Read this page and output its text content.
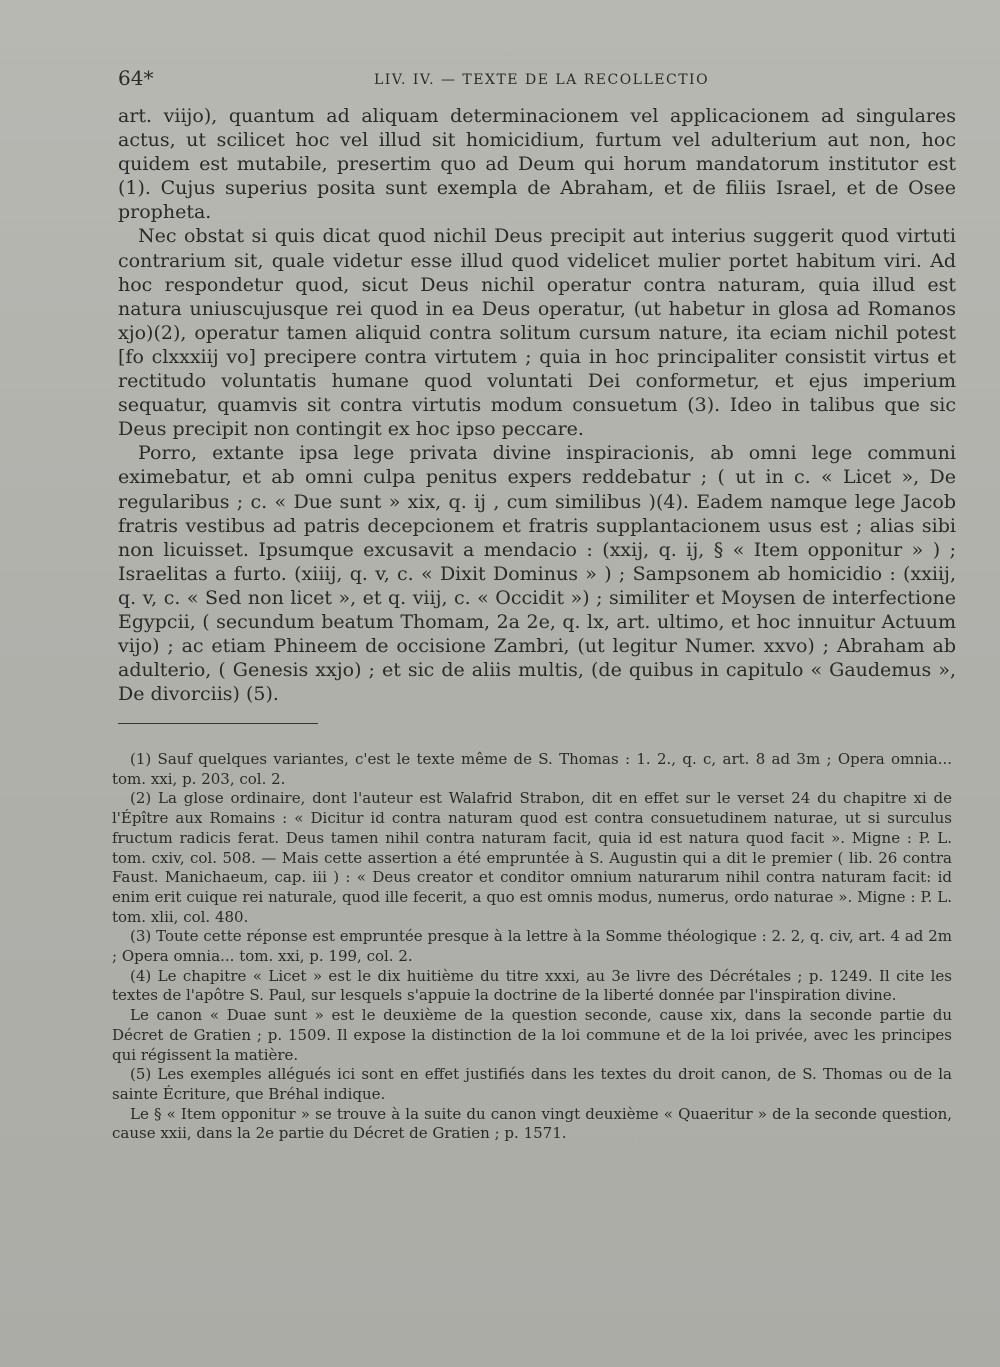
64*	LIV. IV. — TEXTE DE LA RECOLLECTIO

art. viijo), quantum ad aliquam determinacionem vel applicacionem ad singulares actus, ut scilicet hoc vel illud sit homicidium, furtum vel adulterium aut non, hoc quidem est mutabile, presertim quo ad Deum qui horum mandatorum institutor est (1). Cujus superius posita sunt exempla de Abraham, et de filiis Israel, et de Osee propheta.

Nec obstat si quis dicat quod nichil Deus precipit aut interius suggerit quod virtuti contrarium sit, quale videtur esse illud quod videlicet mulier portet habitum viri. Ad hoc respondetur quod, sicut Deus nichil operatur contra naturam, quia illud est natura uniuscujusque rei quod in ea Deus operatur, (ut habetur in glosa ad Romanos xjo)(2), operatur tamen aliquid contra solitum cursum nature, ita eciam nichil potest [fo clxxxiij vo] precipere contra virtutem ; quia in hoc principaliter consistit virtus et rectitudo voluntatis humane quod voluntati Dei conformetur, et ejus imperium sequatur, quamvis sit contra virtutis modum consuetum (3). Ideo in talibus que sic Deus precipit non contingit ex hoc ipso peccare.

Porro, extante ipsa lege privata divine inspiracionis, ab omni lege communi eximebatur, et ab omni culpa penitus expers reddebatur ; ( ut in c. « Licet », De regularibus ; c. « Due sunt » xix, q. ij , cum similibus )(4). Eadem namque lege Jacob fratris vestibus ad patris decepcionem et fratris supplantacionem usus est ; alias sibi non licuisset. Ipsumque excusavit a mendacio : (xxij, q. ij, § « Item opponitur » ) ; Israelitas a furto. (xiiij, q. v, c. « Dixit Dominus » ) ; Sampsonem ab homicidio : (xxiij, q. v, c. « Sed non licet », et q. viij, c. « Occidit ») ; similiter et Moysen de interfectione Egypcii, ( secundum beatum Thomam, 2a 2e, q. lx, art. ultimo, et hoc innuitur Actuum vijo) ; ac etiam Phineem de occisione Zambri, (ut legitur Numer. xxvo) ; Abraham ab adulterio, ( Genesis xxjo) ; et sic de aliis multis, (de quibus in capitulo « Gaudemus », De divorciis) (5).

(1) Sauf quelques variantes, c'est le texte même de S. Thomas : 1. 2., q. c, art. 8 ad 3m ; Opera omnia... tom. xxi, p. 203, col. 2.

(2) La glose ordinaire, dont l'auteur est Walafrid Strabon, dit en effet sur le verset 24 du chapitre xi de l'Épître aux Romains : « Dicitur id contra naturam quod est contra consuetudinem naturae, ut si surculus fructum radicis ferat. Deus tamen nihil contra naturam facit, quia id est natura quod facit ». Migne : P. L. tom. cxiv, col. 508. — Mais cette assertion a été empruntée à S. Augustin qui a dit le premier ( lib. 26 contra Faust. Manichaeum, cap. iii ) : « Deus creator et conditor omnium naturarum nihil contra naturam facit: id enim erit cuique rei naturale, quod ille fecerit, a quo est omnis modus, numerus, ordo naturae ». Migne : P. L. tom. xlii, col. 480.

(3) Toute cette réponse est empruntée presque à la lettre à la Somme théologique : 2. 2, q. civ, art. 4 ad 2m ; Opera omnia... tom. xxi, p. 199, col. 2.

(4) Le chapitre « Licet » est le dix huitième du titre xxxi, au 3e livre des Décrétales ; p. 1249. Il cite les textes de l'apôtre S. Paul, sur lesquels s'appuie la doctrine de la liberté donnée par l'inspiration divine.

Le canon « Duae sunt » est le deuxième de la question seconde, cause xix, dans la seconde partie du Décret de Gratien ; p. 1509. Il expose la distinction de la loi commune et de la loi privée, avec les principes qui régissent la matière.

(5) Les exemples allégués ici sont en effet justifiés dans les textes du droit canon, de S. Thomas ou de la sainte Écriture, que Bréhal indique.

Le § « Item opponitur » se trouve à la suite du canon vingt deuxième « Quaeritur » de la seconde question, cause xxii, dans la 2e partie du Décret de Gratien ; p. 1571.
